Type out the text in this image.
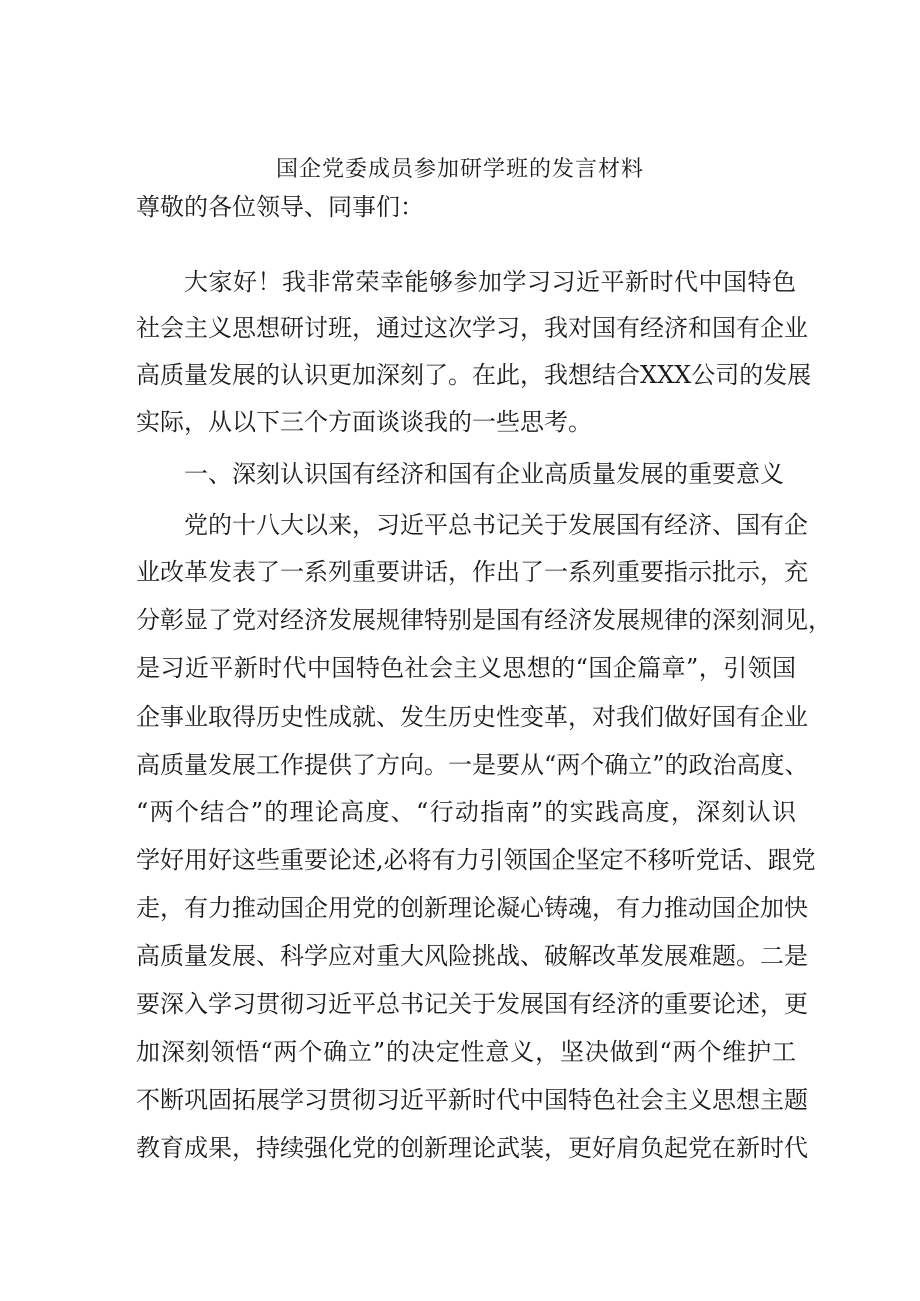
国企党委成员参加研学班的发言材料
尊敬的各位领导、同事们：
大家好！我非常荣幸能够参加学习习近平新时代中国特色
社会主义思想研讨班，通过这次学习，我对国有经济和国有企业
高质量发展的认识更加深刻了。在此，我想结合XXX公司的发展
实际，从以下三个方面谈谈我的一些思考。
一、深刻认识国有经济和国有企业高质量发展的重要意义
党的十八大以来，习近平总书记关于发展国有经济、国有企
业改革发表了一系列重要讲话，作出了一系列重要指示批示，充
分彰显了党对经济发展规律特别是国有经济发展规律的深刻洞见，
是习近平新时代中国特色社会主义思想的“国企篇章”，引领国
企事业取得历史性成就、发生历史性变革，对我们做好国有企业
高质量发展工作提供了方向。一是要从“两个确立”的政治高度、
“两个结合”的理论高度、“行动指南”的实践高度，深刻认识
学好用好这些重要论述,必将有力引领国企坚定不移听党话、跟党
走，有力推动国企用党的创新理论凝心铸魂，有力推动国企加快
高质量发展、科学应对重大风险挑战、破解改革发展难题。二是
要深入学习贯彻习近平总书记关于发展国有经济的重要论述，更
加深刻领悟“两个确立”的决定性意义，坚决做到“两个维护工
不断巩固拓展学习贯彻习近平新时代中国特色社会主义思想主题
教育成果，持续强化党的创新理论武装，更好肩负起党在新时代
